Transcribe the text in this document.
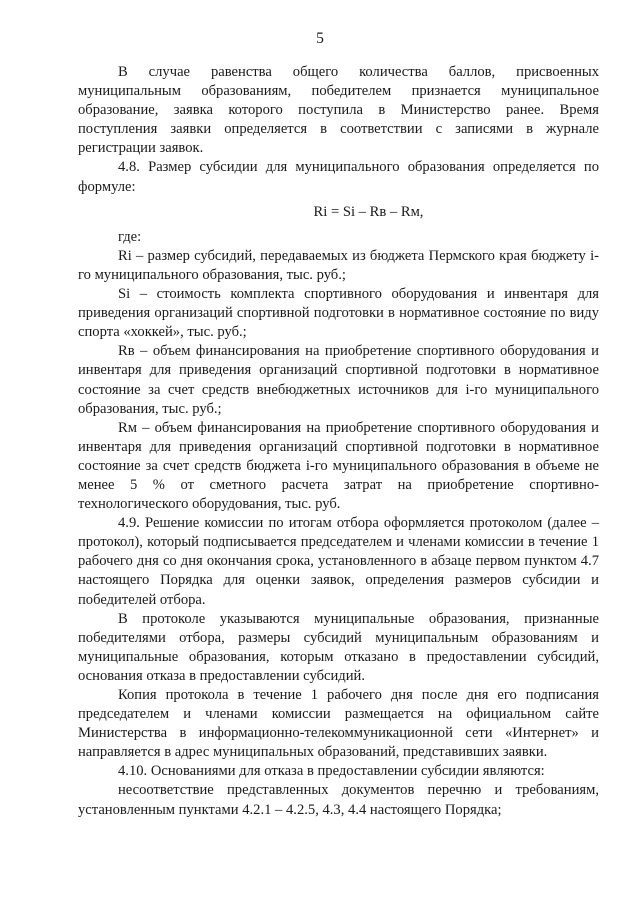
5

В случае равенства общего количества баллов, присвоенных муниципальным образованиям, победителем признается муниципальное образование, заявка которого поступила в Министерство ранее. Время поступления заявки определяется в соответствии с записями в журнале регистрации заявок.

4.8. Размер субсидии для муниципального образования определяется по формуле:

Ri = Si – Rв – Rм,

где:

Ri – размер субсидий, передаваемых из бюджета Пермского края бюджету i-го муниципального образования, тыс. руб.;

Si – стоимость комплекта спортивного оборудования и инвентаря для приведения организаций спортивной подготовки в нормативное состояние по виду спорта «хоккей», тыс. руб.;

Rв – объем финансирования на приобретение спортивного оборудования и инвентаря для приведения организаций спортивной подготовки в нормативное состояние за счет средств внебюджетных источников для i-го муниципального образования, тыс. руб.;

Rм – объем финансирования на приобретение спортивного оборудования и инвентаря для приведения организаций спортивной подготовки в нормативное состояние за счет средств бюджета i-го муниципального образования в объеме не менее 5 % от сметного расчета затрат на приобретение спортивно-технологического оборудования, тыс. руб.

4.9. Решение комиссии по итогам отбора оформляется протоколом (далее – протокол), который подписывается председателем и членами комиссии в течение 1 рабочего дня со дня окончания срока, установленного в абзаце первом пунктом 4.7 настоящего Порядка для оценки заявок, определения размеров субсидии и победителей отбора.

В протоколе указываются муниципальные образования, признанные победителями отбора, размеры субсидий муниципальным образованиям и муниципальные образования, которым отказано в предоставлении субсидий, основания отказа в предоставлении субсидий.

Копия протокола в течение 1 рабочего дня после дня его подписания председателем и членами комиссии размещается на официальном сайте Министерства в информационно-телекоммуникационной сети «Интернет» и направляется в адрес муниципальных образований, представивших заявки.

4.10. Основаниями для отказа в предоставлении субсидии являются:

несоответствие представленных документов перечню и требованиям, установленным пунктами 4.2.1 – 4.2.5, 4.3, 4.4 настоящего Порядка;
